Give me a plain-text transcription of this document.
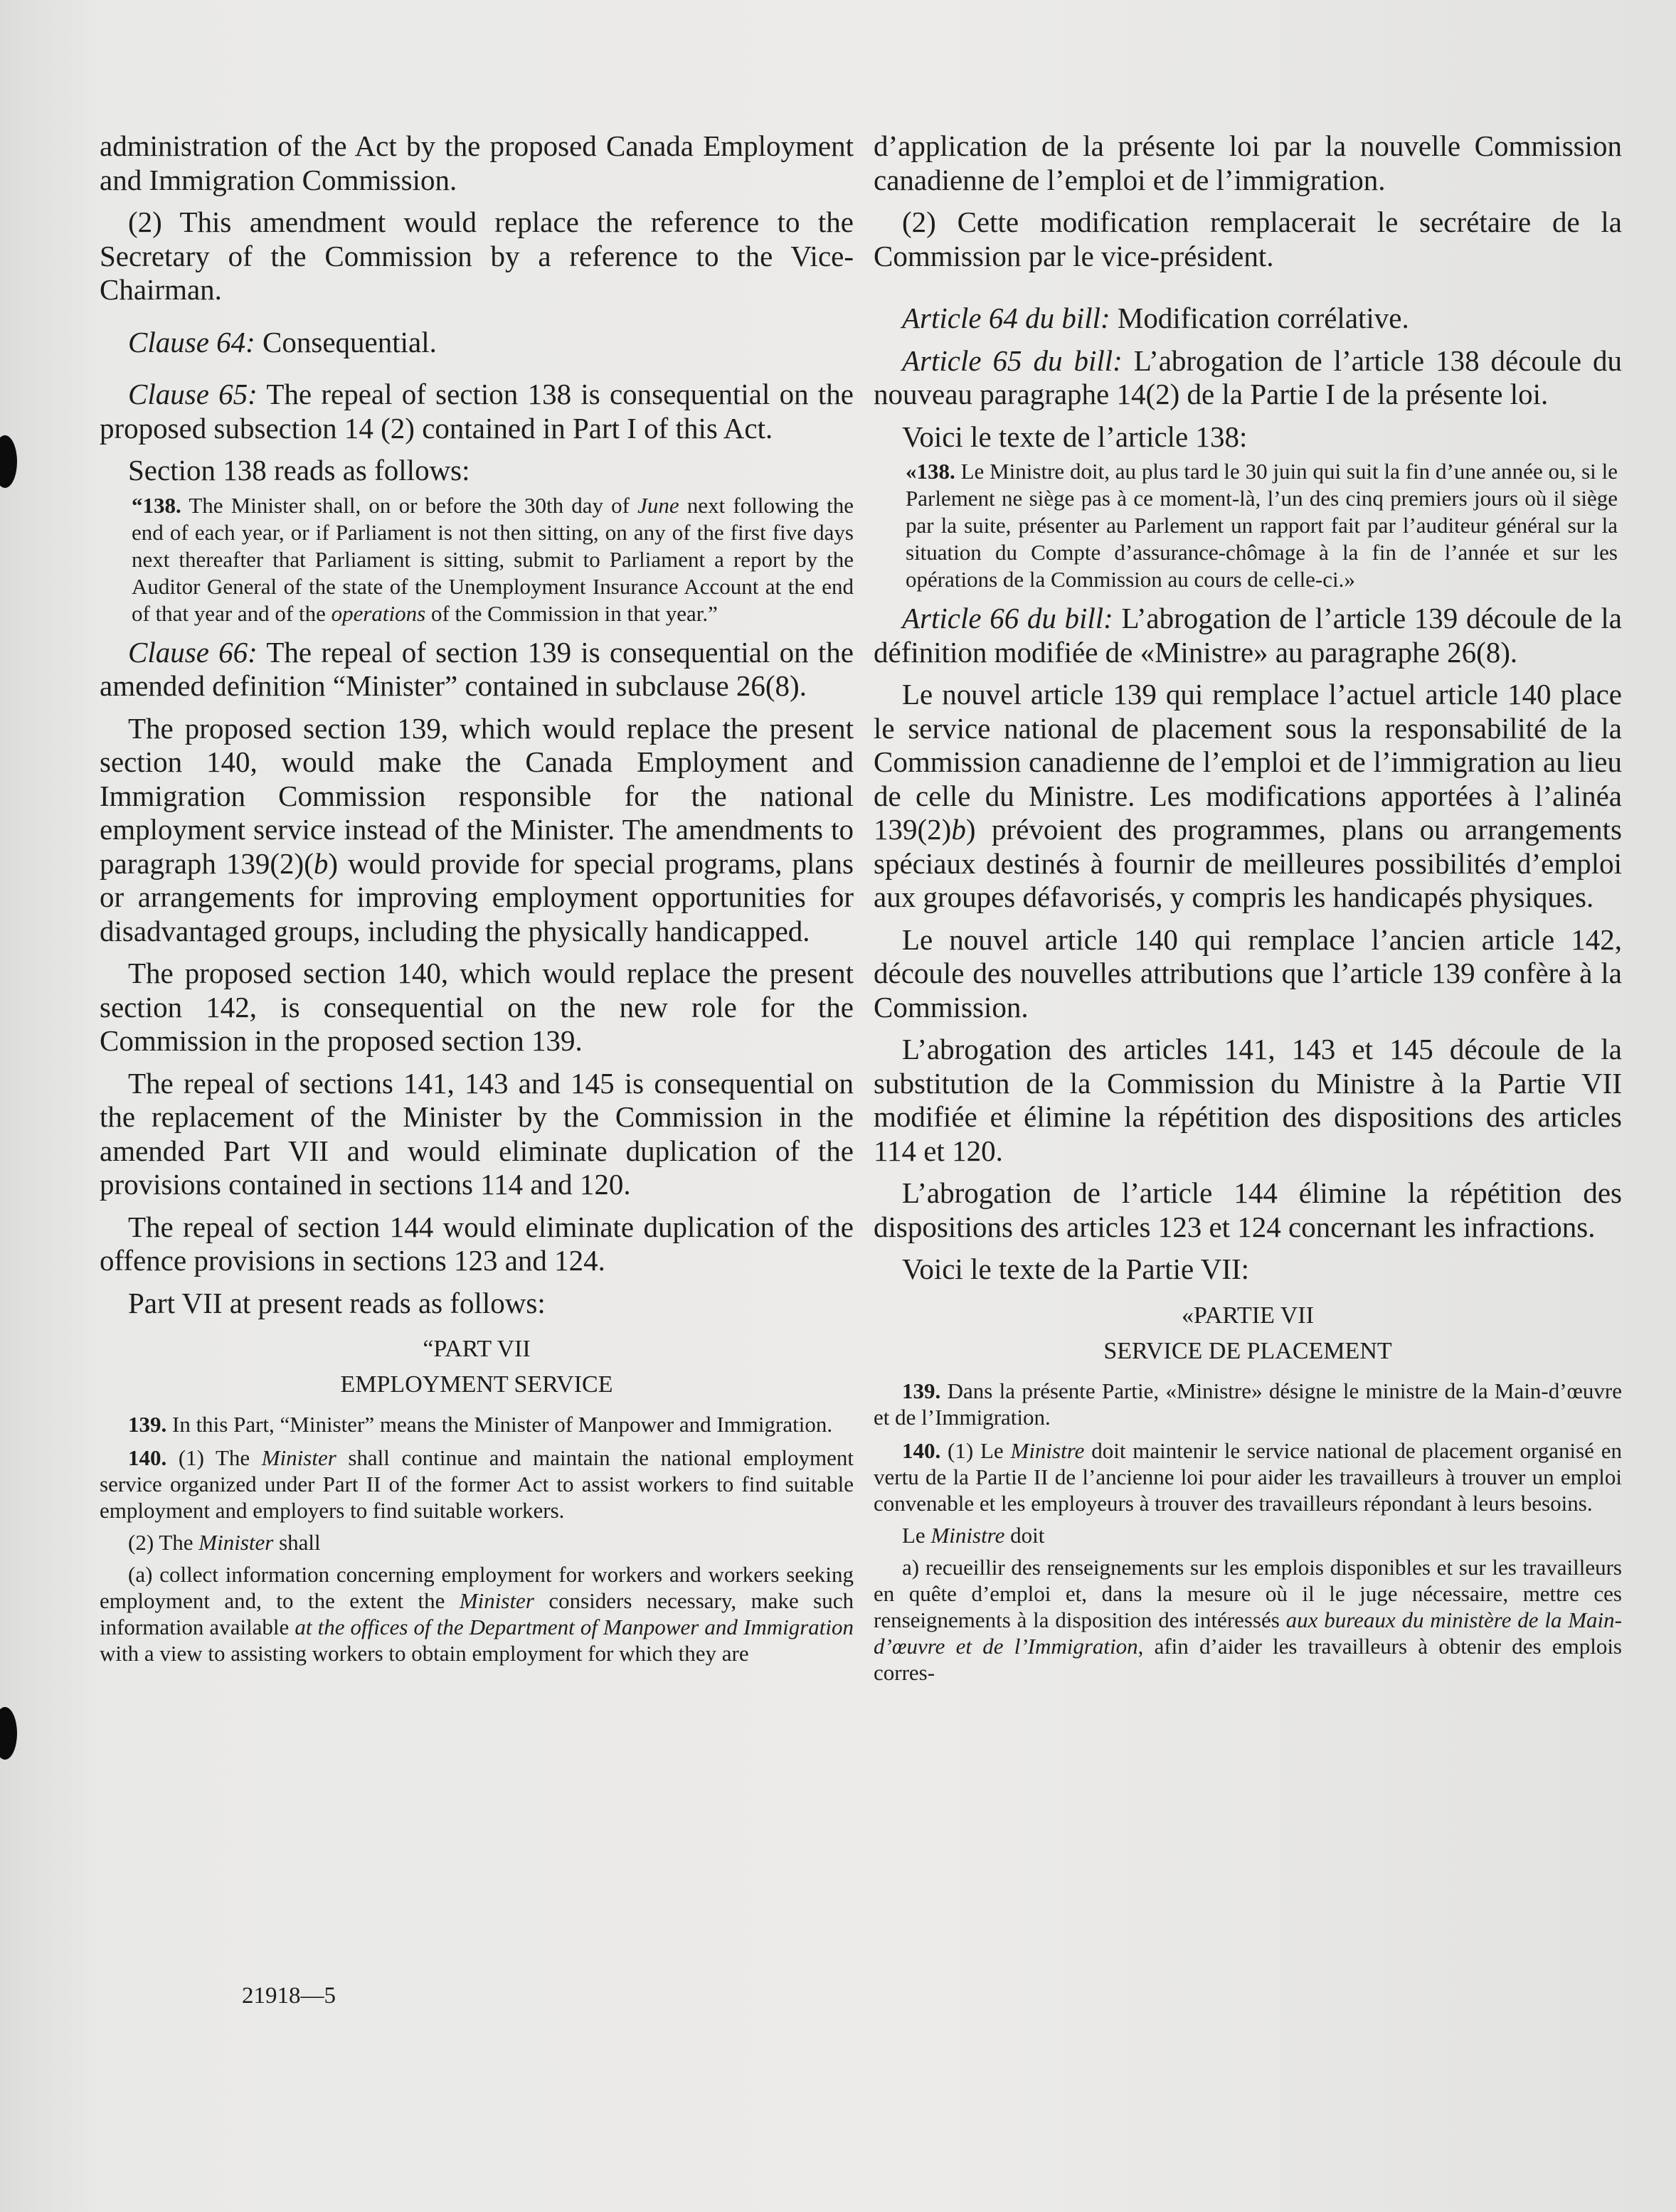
administration of the Act by the proposed Canada Employment and Immigration Commission.

(2) This amendment would replace the reference to the Secretary of the Commission by a reference to the Vice-Chairman.

Clause 64: Consequential.

Clause 65: The repeal of section 138 is consequential on the proposed subsection 14 (2) contained in Part I of this Act.

Section 138 reads as follows:

“138. The Minister shall, on or before the 30th day of June next following the end of each year, or if Parliament is not then sitting, on any of the first five days next thereafter that Parliament is sitting, submit to Parliament a report by the Auditor General of the state of the Unemployment Insurance Account at the end of that year and of the operations of the Commission in that year.”

Clause 66: The repeal of section 139 is consequential on the amended definition “Minister” contained in subclause 26(8).

The proposed section 139, which would replace the present section 140, would make the Canada Employment and Immigration Commission responsible for the national employment service instead of the Minister. The amendments to paragraph 139(2)(b) would provide for special programs, plans or arrangements for improving employment opportunities for disadvantaged groups, including the physically handicapped.

The proposed section 140, which would replace the present section 142, is consequential on the new role for the Commission in the proposed section 139.

The repeal of sections 141, 143 and 145 is consequential on the replacement of the Minister by the Commission in the amended Part VII and would eliminate duplication of the provisions contained in sections 114 and 120.

The repeal of section 144 would eliminate duplication of the offence provisions in sections 123 and 124.

Part VII at present reads as follows:

“PART VII

EMPLOYMENT SERVICE

139. In this Part, “Minister” means the Minister of Manpower and Immigration.

140. (1) The Minister shall continue and maintain the national employment service organized under Part II of the former Act to assist workers to find suitable employment and employers to find suitable workers.

(2) The Minister shall

(a) collect information concerning employment for workers and workers seeking employment and, to the extent the Minister considers necessary, make such information available at the offices of the Department of Manpower and Immigration with a view to assisting workers to obtain employment for which they are

d’application de la présente loi par la nouvelle Commission canadienne de l’emploi et de l’immigration.

(2) Cette modification remplacerait le secrétaire de la Commission par le vice-président.

Article 64 du bill: Modification corrélative.

Article 65 du bill: L’abrogation de l’article 138 découle du nouveau paragraphe 14(2) de la Partie I de la présente loi.

Voici le texte de l’article 138:

«138. Le Ministre doit, au plus tard le 30 juin qui suit la fin d’une année ou, si le Parlement ne siège pas à ce moment-là, l’un des cinq premiers jours où il siège par la suite, présenter au Parlement un rapport fait par l’auditeur général sur la situation du Compte d’assurance-chômage à la fin de l’année et sur les opérations de la Commission au cours de celle-ci.»

Article 66 du bill: L’abrogation de l’article 139 découle de la définition modifiée de «Ministre» au paragraphe 26(8).

Le nouvel article 139 qui remplace l’actuel article 140 place le service national de placement sous la responsabilité de la Commission canadienne de l’emploi et de l’immigration au lieu de celle du Ministre. Les modifications apportées à l’alinéa 139(2)b) prévoient des programmes, plans ou arrangements spéciaux destinés à fournir de meilleures possibilités d’emploi aux groupes défavorisés, y compris les handicapés physiques.

Le nouvel article 140 qui remplace l’ancien article 142, découle des nouvelles attributions que l’article 139 confère à la Commission.

L’abrogation des articles 141, 143 et 145 découle de la substitution de la Commission du Ministre à la Partie VII modifiée et élimine la répétition des dispositions des articles 114 et 120.

L’abrogation de l’article 144 élimine la répétition des dispositions des articles 123 et 124 concernant les infractions.

Voici le texte de la Partie VII:

«PARTIE VII

SERVICE DE PLACEMENT

139. Dans la présente Partie, «Ministre» désigne le ministre de la Main-d’œuvre et de l’Immigration.

140. (1) Le Ministre doit maintenir le service national de placement organisé en vertu de la Partie II de l’ancienne loi pour aider les travailleurs à trouver un emploi convenable et les employeurs à trouver des travailleurs répondant à leurs besoins.

Le Ministre doit

a) recueillir des renseignements sur les emplois disponibles et sur les travailleurs en quête d’emploi et, dans la mesure où il le juge nécessaire, mettre ces renseignements à la disposition des intéressés aux bureaux du ministère de la Main-d’œuvre et de l’Immigration, afin d’aider les travailleurs à obtenir des emplois corres-

21918—5
